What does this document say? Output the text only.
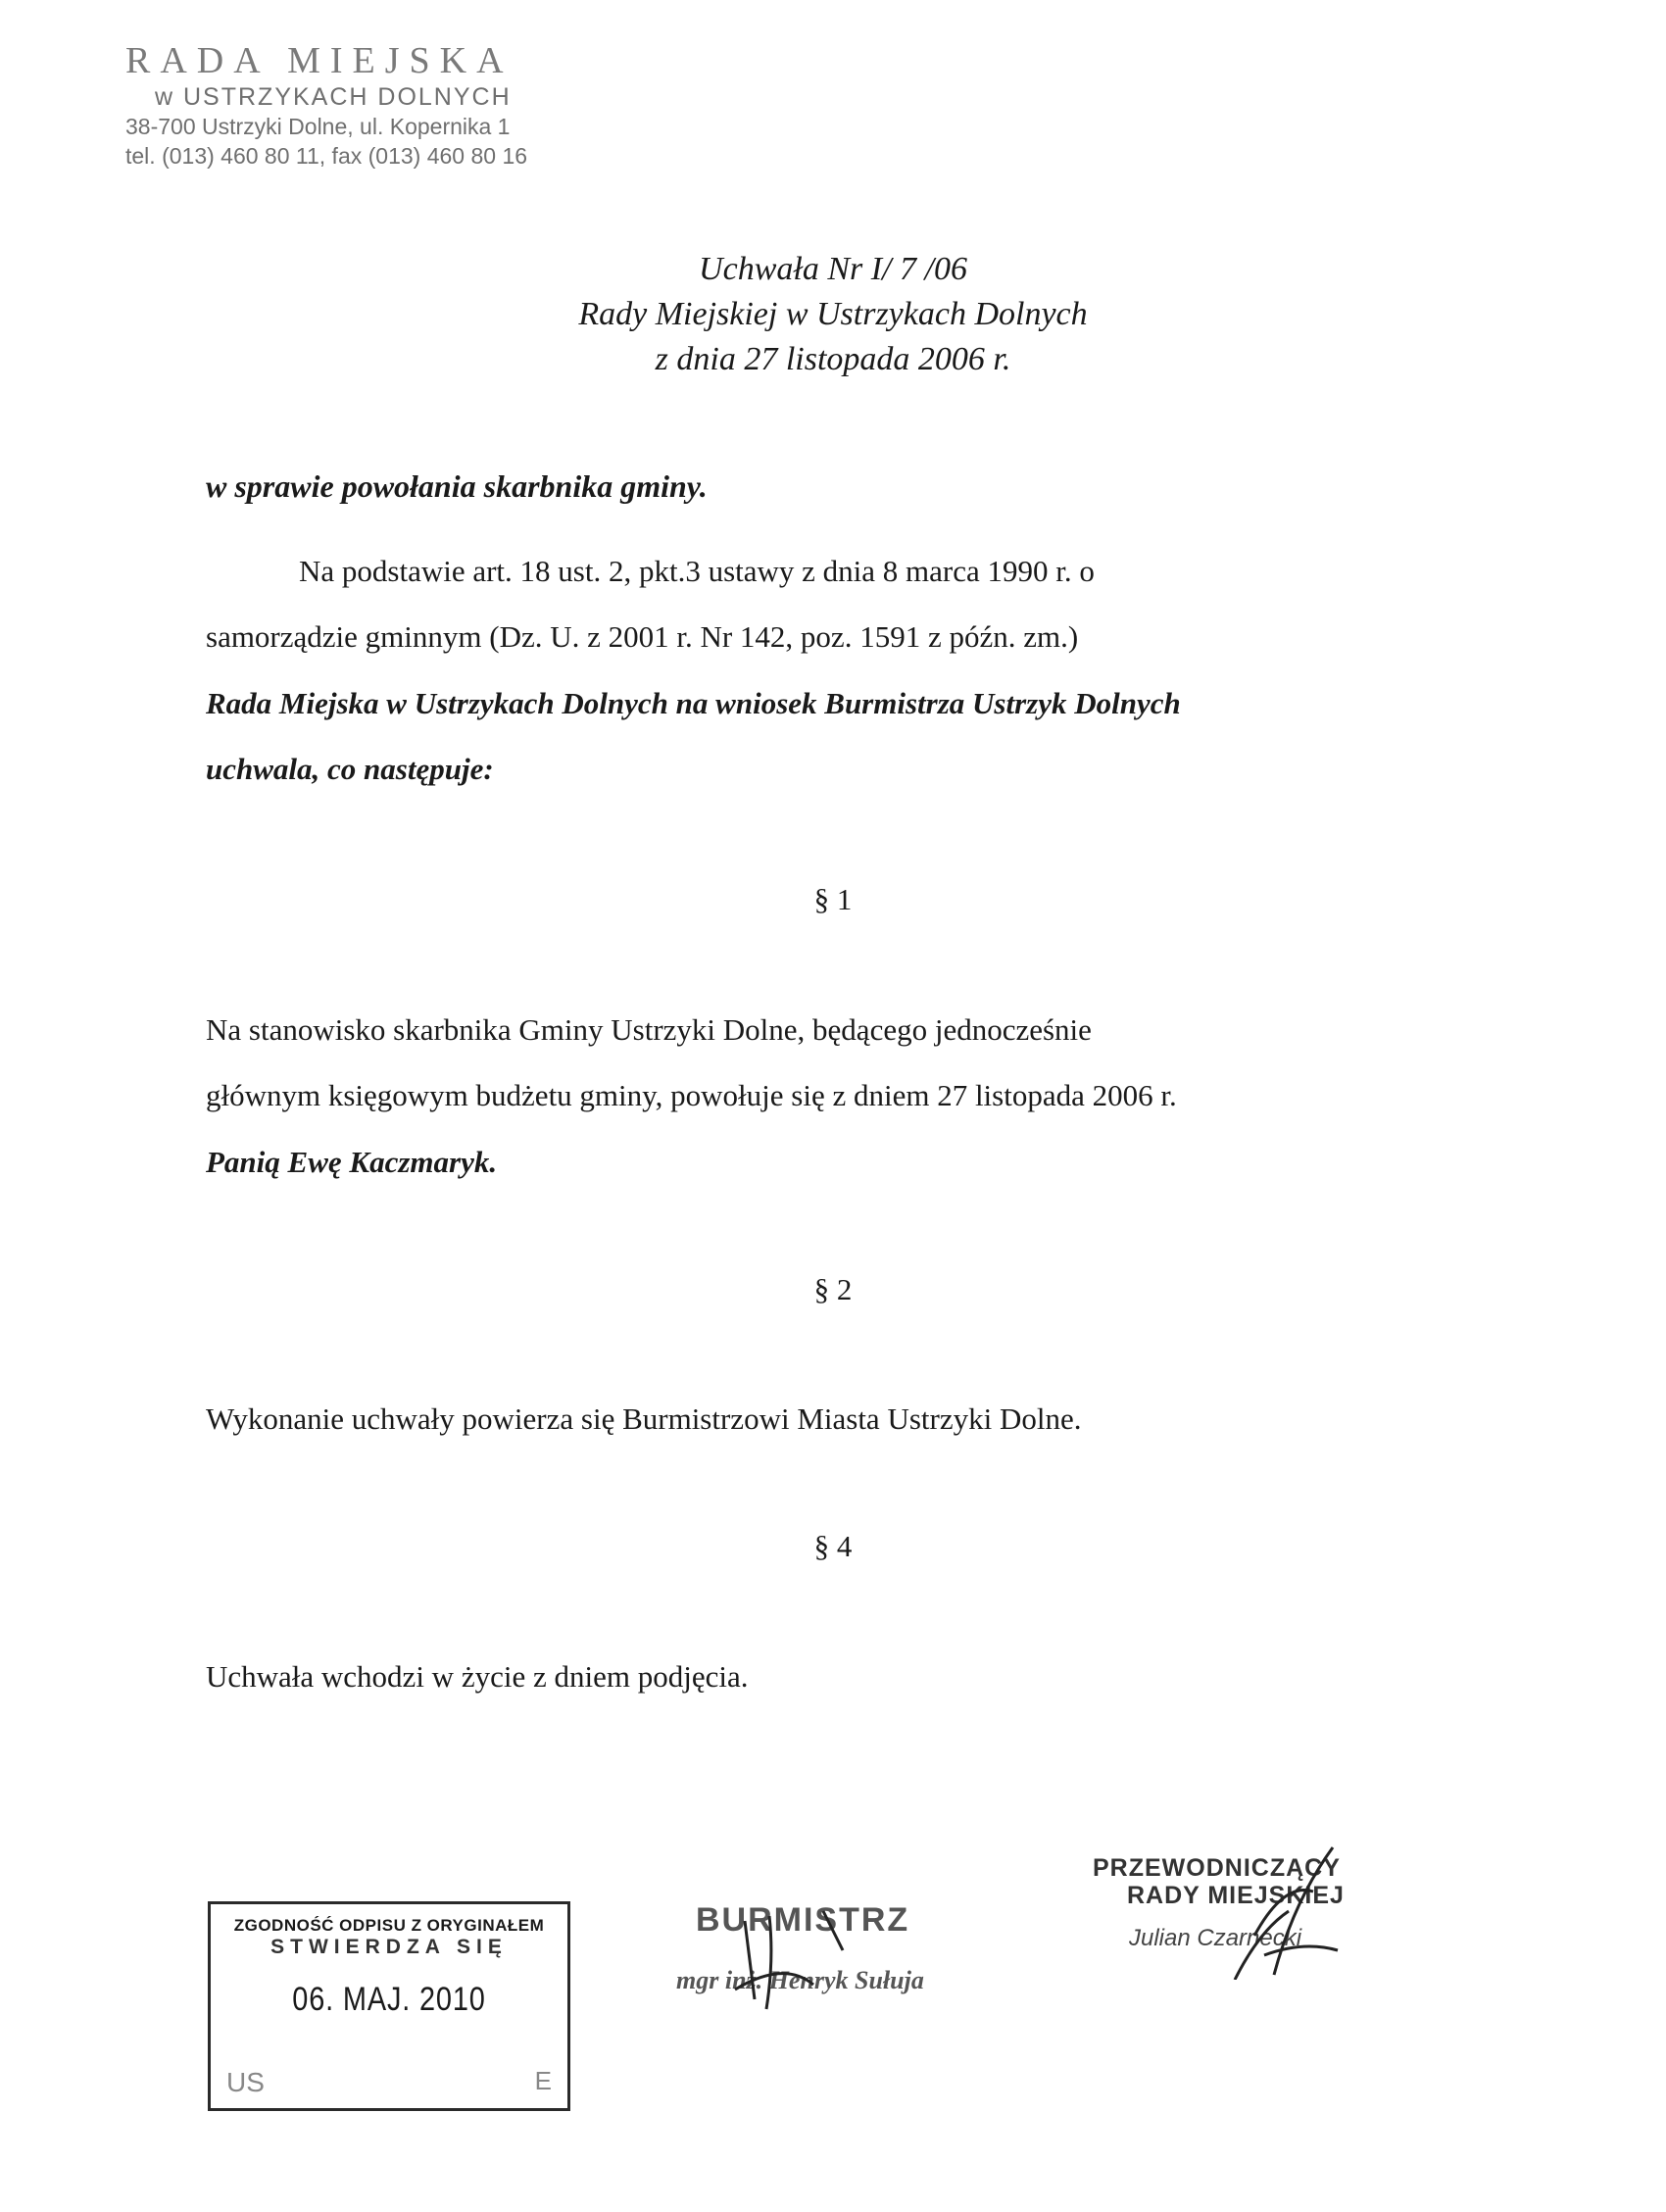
RADA MIEJSKA
w USTRZYKACH DOLNYCH
38-700 Ustrzyki Dolne, ul. Kopernika 1
tel. (013) 460 80 11, fax (013) 460 80 16
Uchwała Nr I/ 7 /06
Rady Miejskiej w Ustrzykach Dolnych
z dnia 27 listopada 2006 r.
w sprawie powołania skarbnika gminy.
Na podstawie art. 18 ust. 2, pkt.3 ustawy z dnia 8 marca 1990 r. o
samorządzie gminnym (Dz. U. z 2001 r. Nr 142, poz. 1591 z późn. zm.)
Rada Miejska w Ustrzykach Dolnych na wniosek Burmistrza Ustrzyk Dolnych
uchwala, co następuje:
§ 1
Na stanowisko skarbnika Gminy Ustrzyki Dolne, będącego jednocześnie
głównym księgowym budżetu gminy, powołuje się z dniem 27 listopada 2006 r.
Panią Ewę Kaczmaryk.
§ 2
Wykonanie uchwały powierza się Burmistrzowi Miasta Ustrzyki Dolne.
§ 4
Uchwała wchodzi w życie z dniem podjęcia.
ZGODNOŚĆ ODPISU Z ORYGINAŁEM
STWIERDZA SIĘ
06. MAJ. 2010
US	E
BURMISTRZ
mgr inż. Henryk Sułuja
PRZEWODNICZĄCY
RADY MIEJSKIEJ
Julian Czarnecki
